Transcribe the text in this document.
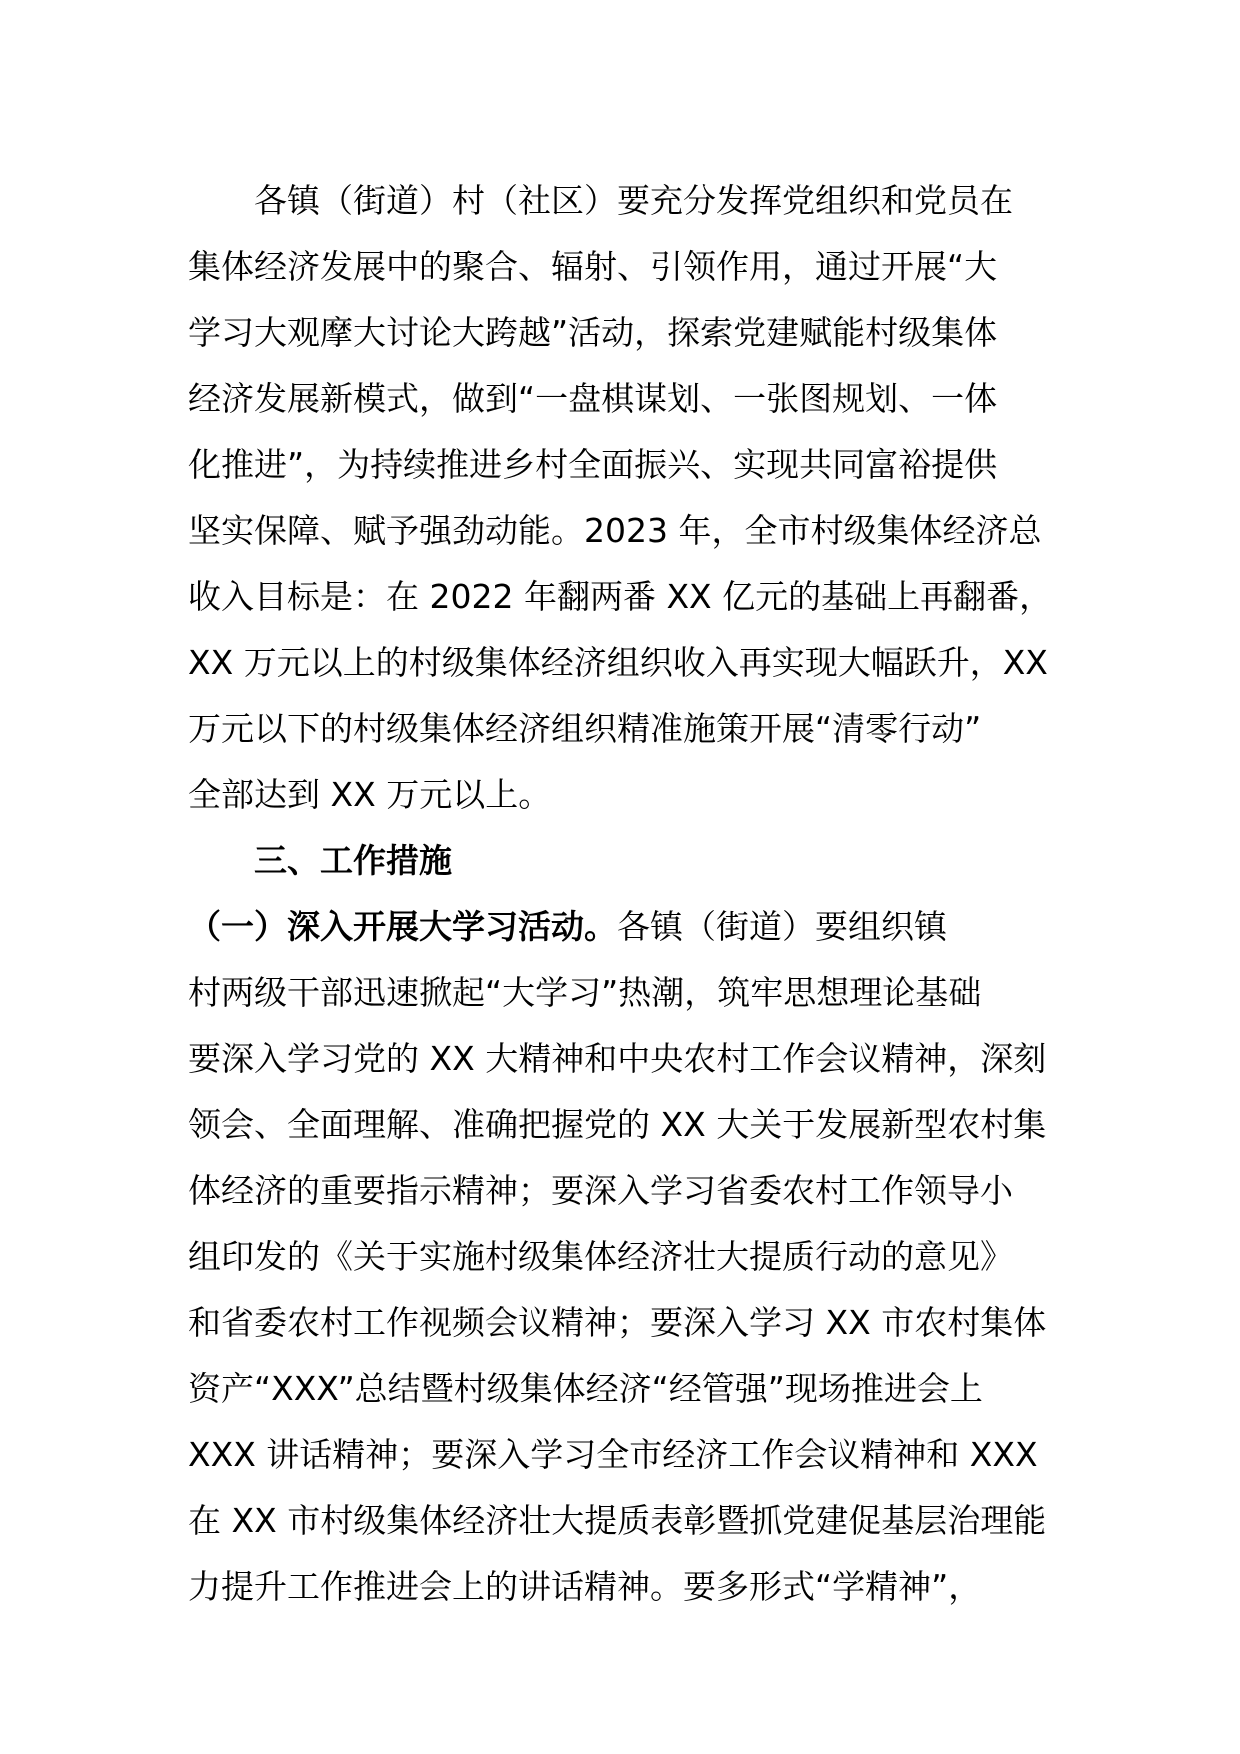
各镇（街道）村（社区）要充分发挥党组织和党员在
集体经济发展中的聚合、辐射、引领作用，通过开展“大
学习大观摩大讨论大跨越”活动，探索党建赋能村级集体
经济发展新模式，做到“一盘棋谋划、一张图规划、一体
化推进”，为持续推进乡村全面振兴、实现共同富裕提供
坚实保障、赋予强劲动能。2023 年，全市村级集体经济总
收入目标是：在 2022 年翻两番 XX 亿元的基础上再翻番，
XX 万元以上的村级集体经济组织收入再实现大幅跃升，XX
万元以下的村级集体经济组织精准施策开展“清零行动”
全部达到 XX 万元以上。
三、工作措施
（一）深入开展大学习活动。各镇（街道）要组织镇
村两级干部迅速掀起“大学习”热潮，筑牢思想理论基础
要深入学习党的 XX 大精神和中央农村工作会议精神，深刻
领会、全面理解、准确把握党的 XX 大关于发展新型农村集
体经济的重要指示精神；要深入学习省委农村工作领导小
组印发的《关于实施村级集体经济壮大提质行动的意见》
和省委农村工作视频会议精神；要深入学习 XX 市农村集体
资产“XXX”总结暨村级集体经济“经管强”现场推进会上
XXX 讲话精神；要深入学习全市经济工作会议精神和 XXX
在 XX 市村级集体经济壮大提质表彰暨抓党建促基层治理能
力提升工作推进会上的讲话精神。要多形式“学精神”，
